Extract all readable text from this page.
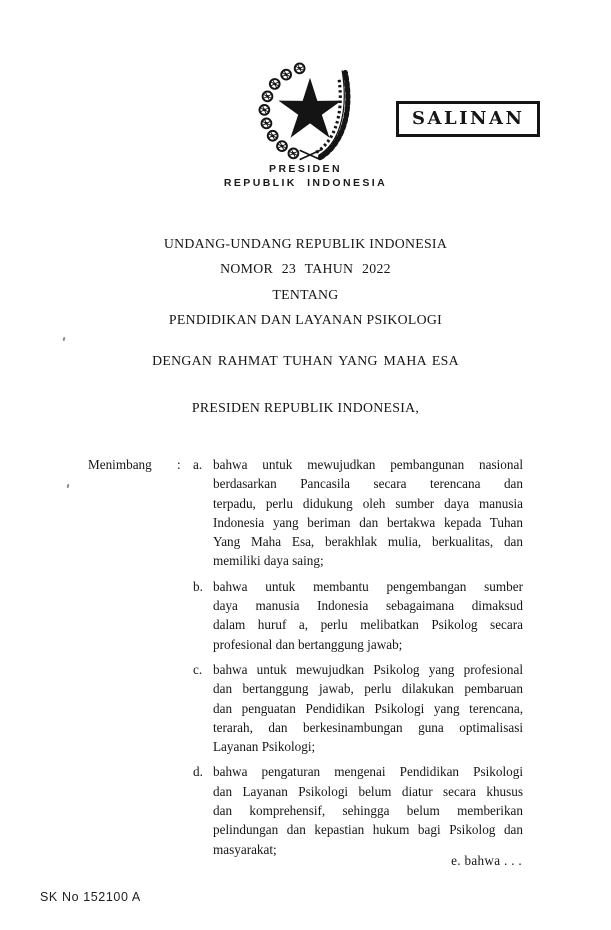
SALINAN
PRESIDEN
REPUBLIK INDONESIA
UNDANG-UNDANG REPUBLIK INDONESIA
NOMOR 23 TAHUN 2022
TENTANG
PENDIDIKAN DAN LAYANAN PSIKOLOGI
DENGAN RAHMAT TUHAN YANG MAHA ESA
PRESIDEN REPUBLIK INDONESIA,
Menimbang	: a. bahwa untuk mewujudkan pembangunan nasional
berdasarkan Pancasila secara terencana dan
terpadu, perlu didukung oleh sumber daya manusia
Indonesia yang beriman dan bertakwa kepada Tuhan
Yang Maha Esa, berakhlak mulia, berkualitas, dan
memiliki daya saing;
b. bahwa untuk membantu pengembangan sumber
daya manusia Indonesia sebagaimana dimaksud
dalam huruf a, perlu melibatkan Psikolog secara
profesional dan bertanggung jawab;
c. bahwa untuk mewujudkan Psikolog yang profesional
dan bertanggung jawab, perlu dilakukan pembaruan
dan penguatan Pendidikan Psikologi yang terencana,
terarah, dan berkesinambungan guna optimalisasi
Layanan Psikologi;
d. bahwa pengaturan mengenai Pendidikan Psikologi
dan Layanan Psikologi belum diatur secara khusus
dan komprehensif, sehingga belum memberikan
pelindungan dan kepastian hukum bagi Psikolog dan
masyarakat;
e. bahwa . . .
SK No 152100 A
